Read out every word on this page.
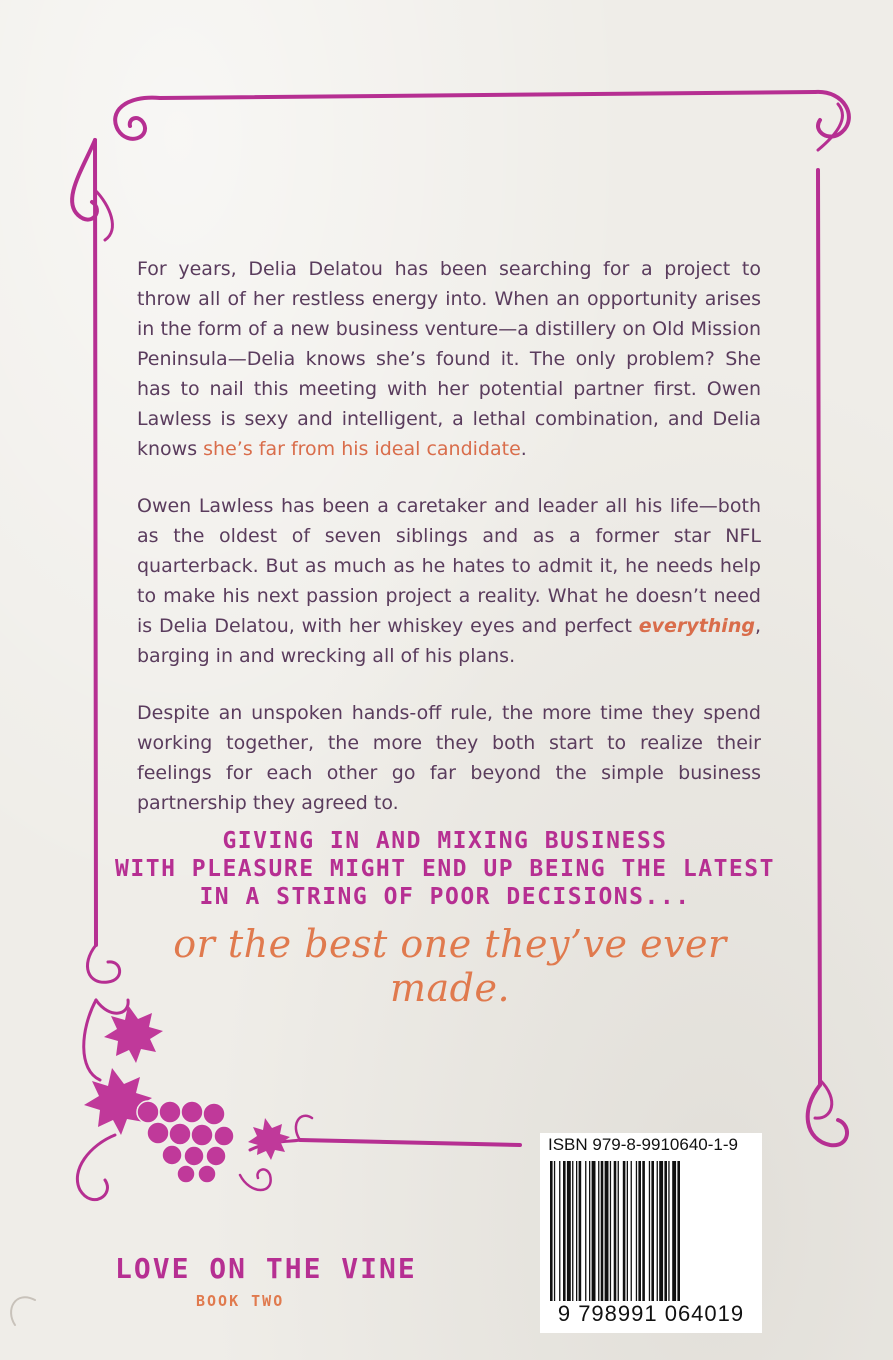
For years, Delia Delatou has been searching for a project to throw all of her restless energy into. When an opportunity arises in the form of a new business venture—a distillery on Old Mission Peninsula—Delia knows she’s found it. The only problem? She has to nail this meeting with her potential partner first. Owen Lawless is sexy and intelligent, a lethal combination, and Delia knows she’s far from his ideal candidate.

Owen Lawless has been a caretaker and leader all his life—both as the oldest of seven siblings and as a former star NFL quarterback. But as much as he hates to admit it, he needs help to make his next passion project a reality. What he doesn’t need is Delia Delatou, with her whiskey eyes and perfect everything, barging in and wrecking all of his plans.

Despite an unspoken hands-off rule, the more time they spend working together, the more they both start to realize their feelings for each other go far beyond the simple business partnership they agreed to.

GIVING IN AND MIXING BUSINESS
WITH PLEASURE MIGHT END UP BEING THE LATEST
IN A STRING OF POOR DECISIONS...
or the best one they’ve ever made.
LOVE ON THE VINE
BOOK TWO
ISBN 979-8-9910640-1-9
9 798991 064019
